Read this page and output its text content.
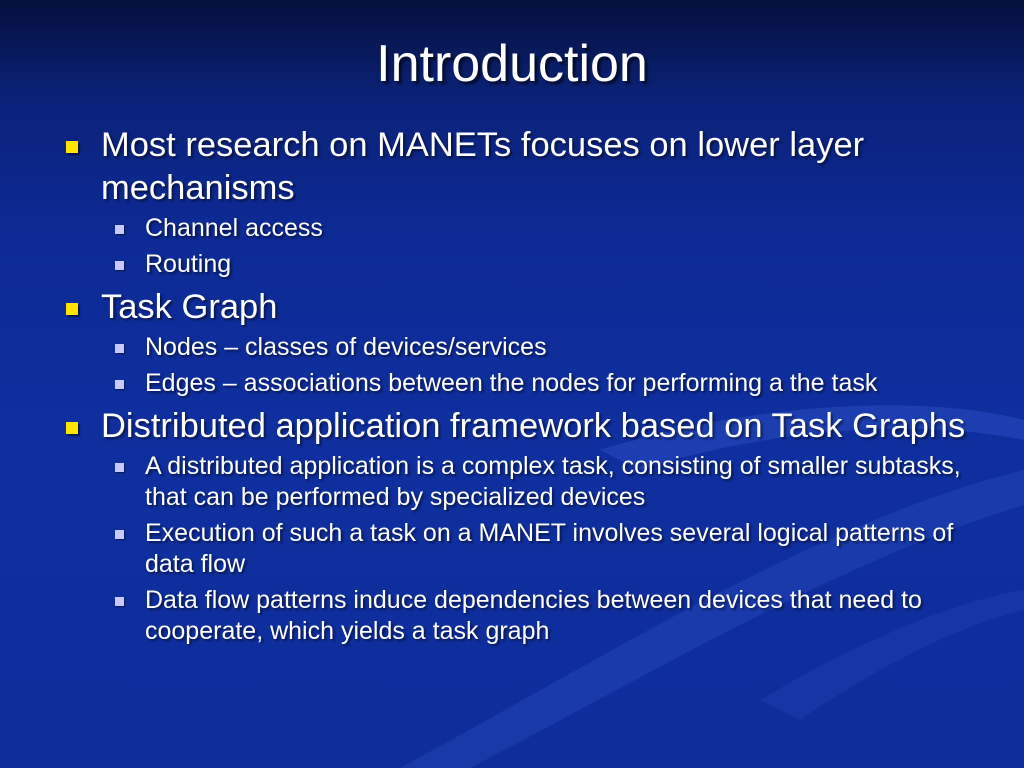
Introduction
Most research on MANETs focuses on lower layer mechanisms
Channel access
Routing
Task Graph
Nodes – classes of devices/services
Edges – associations between the nodes for performing a the task
Distributed application framework based on Task Graphs
A distributed application is a complex task, consisting of smaller subtasks, that can be performed by specialized devices
Execution of such a task on a MANET involves several logical patterns of data flow
Data flow patterns induce dependencies between devices that need to cooperate, which yields a task graph
